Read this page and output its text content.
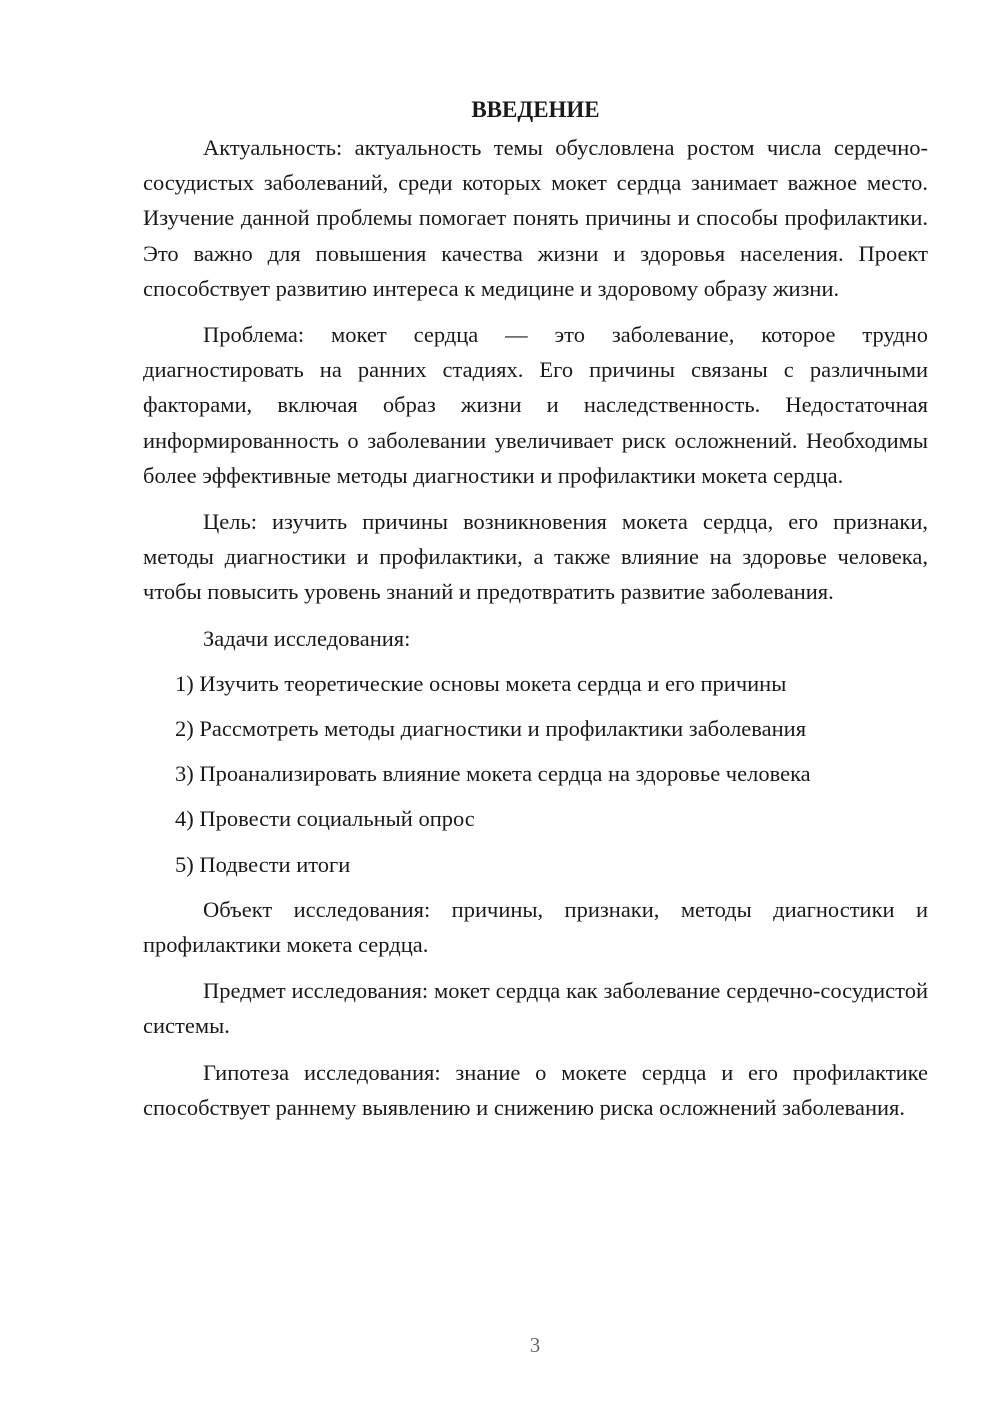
ВВЕДЕНИЕ

Актуальность: актуальность темы обусловлена ростом числа сердечно-сосудистых заболеваний, среди которых мокет сердца занимает важное место. Изучение данной проблемы помогает понять причины и способы профилактики. Это важно для повышения качества жизни и здоровья населения. Проект способствует развитию интереса к медицине и здоровому образу жизни.

Проблема: мокет сердца — это заболевание, которое трудно диагностировать на ранних стадиях. Его причины связаны с различными факторами, включая образ жизни и наследственность. Недостаточная информированность о заболевании увеличивает риск осложнений. Необходимы более эффективные методы диагностики и профилактики мокета сердца.

Цель: изучить причины возникновения мокета сердца, его признаки, методы диагностики и профилактики, а также влияние на здоровье человека, чтобы повысить уровень знаний и предотвратить развитие заболевания.

Задачи исследования:

1) Изучить теоретические основы мокета сердца и его причины
2) Рассмотреть методы диагностики и профилактики заболевания
3) Проанализировать влияние мокета сердца на здоровье человека
4) Провести социальный опрос
5) Подвести итоги

Объект исследования: причины, признаки, методы диагностики и профилактики мокета сердца.

Предмет исследования: мокет сердца как заболевание сердечно-сосудистой системы.

Гипотеза исследования: знание о мокете сердца и его профилактике способствует раннему выявлению и снижению риска осложнений заболевания.

3
